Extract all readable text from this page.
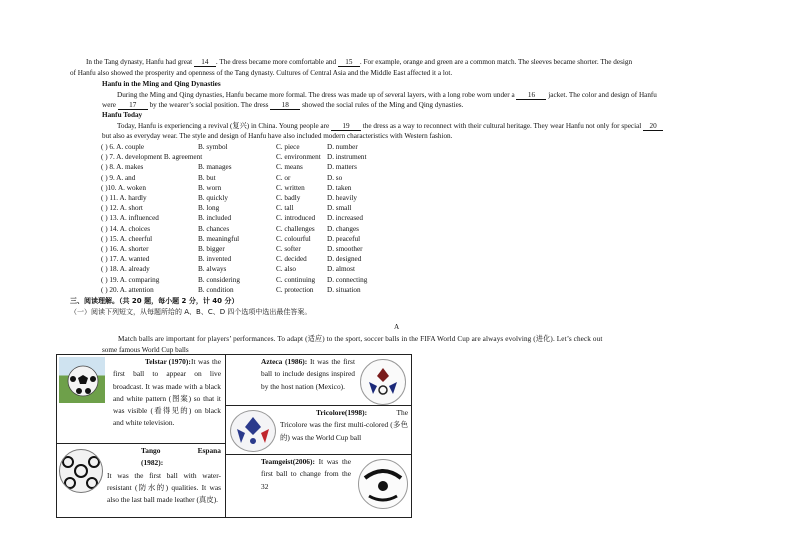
In the Tang dynasty, Hanfu had great 14 . The dress became more comfortable and 15 . For example, orange and green are a common match. The sleeves became shorter. The design
of Hanfu also showed the prosperity and openness of the Tang dynasty. Cultures of Central Asia and the Middle East affected it a lot.
Hanfu in the Ming and Qing Dynasties
During the Ming and Qing dynasties, Hanfu became more formal. The dress was made up of several layers, with a long robe worn under a 16 jacket. The color and design of Hanfu
were 17 by the wearer’s social position. The dress 18 showed the social rules of the Ming and Qing dynasties.
Hanfu Today
Today, Hanfu is experiencing a revival (复兴) in China. Young people are 19 the dress as a way to reconnect with their cultural heritage. They wear Hanfu not only for special 20
but also as everyday wear. The style and design of Hanfu have also included modern characteristics with Western fashion.
( ) 6. A. couple	B. symbol	C. piece	D. number
( ) 7. A. development B. agreement	C. environment D. instrument
( ) 8. A. makes	B. manages	C. means	D. matters
( ) 9. A. and	B. but	C. or	D. so
( )10. A. woken	B. worn	C. written	D. taken
( ) 11. A. hardly	B. quickly	C. badly	D. heavily
( ) 12. A. short	B. long	C. tall	D. small
( ) 13. A. influenced	B. included	C. introduced D. increased
( ) 14. A. choices	B. chances	C. challenges D. changes
( ) 15. A. cheerful	B. meaningful	C. colourful D. peaceful
( ) 16. A. shorter	B. bigger	C. softer	D. smoother
( ) 17. A. wanted	B. invented	C. decided	D. designed
( ) 18. A. already	B. always	C. also	D. almost
( ) 19. A. comparing	B. considering	C. continuing D. connecting
( ) 20. A. attention	B. condition	C. protection D. situation
三、阅读理解。（共 20 题，每小题 2 分，计 40 分）
（一）阅读下列短文，从每题所给的 A、B、C、D 四个选项中选出最佳答案。
A
Match balls are important for players’ performances. To adapt (适应) to the sport, soccer balls in the FIFA World Cup are always evolving (进化). Let’s check out
some famous World Cup balls
Telstar (1970): It was the first ball to appear on live broadcast. It was made with a black and white pattern (图案) so that it was visible (看得见的) on black and white television.
Tango Espana (1982):
It was the first ball with water-resistant (防水的) qualities. It was also the last ball made leather (真皮).
Azteca (1986): It was the first ball to include designs inspired by the host nation (Mexico).
Tricolore(1998):	The Tricolore was the first multi-colored (多色的) was the World Cup ball
Teamgeist(2006): It was the first ball to change from the 32
